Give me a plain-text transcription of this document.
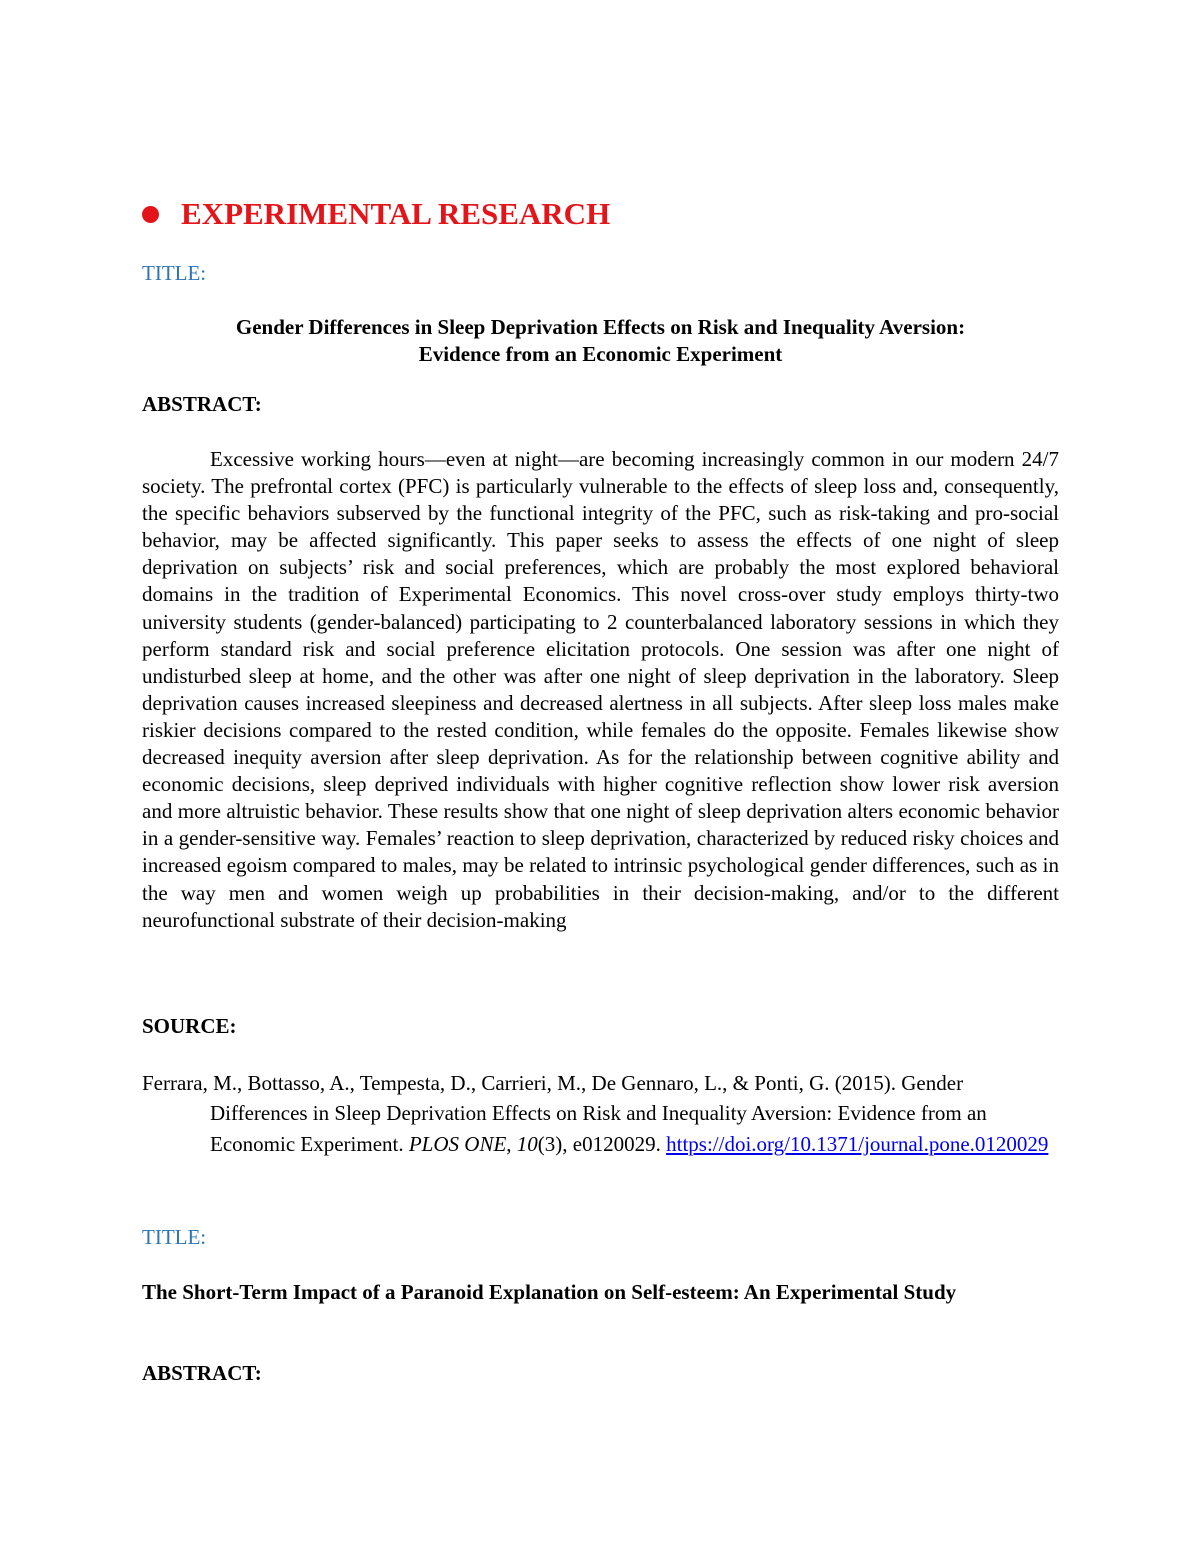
EXPERIMENTAL RESEARCH
TITLE:
Gender Differences in Sleep Deprivation Effects on Risk and Inequality Aversion:
Evidence from an Economic Experiment
ABSTRACT:

Excessive working hours—even at night—are becoming increasingly common in our modern 24/7 society. The prefrontal cortex (PFC) is particularly vulnerable to the effects of sleep loss and, consequently, the specific behaviors subserved by the functional integrity of the PFC, such as risk-taking and pro-social behavior, may be affected significantly. This paper seeks to assess the effects of one night of sleep deprivation on subjects’ risk and social preferences, which are probably the most explored behavioral domains in the tradition of Experimental Economics. This novel cross-over study employs thirty-two university students (gender-balanced) participating to 2 counterbalanced laboratory sessions in which they perform standard risk and social preference elicitation protocols. One session was after one night of undisturbed sleep at home, and the other was after one night of sleep deprivation in the laboratory. Sleep deprivation causes increased sleepiness and decreased alertness in all subjects. After sleep loss males make riskier decisions compared to the rested condition, while females do the opposite. Females likewise show decreased inequity aversion after sleep deprivation. As for the relationship between cognitive ability and economic decisions, sleep deprived individuals with higher cognitive reflection show lower risk aversion and more altruistic behavior. These results show that one night of sleep deprivation alters economic behavior in a gender-sensitive way. Females’ reaction to sleep deprivation, characterized by reduced risky choices and increased egoism compared to males, may be related to intrinsic psychological gender differences, such as in the way men and women weigh up probabilities in their decision-making, and/or to the different neurofunctional substrate of their decision-making

SOURCE:

Ferrara, M., Bottasso, A., Tempesta, D., Carrieri, M., De Gennaro, L., & Ponti, G. (2015). Gender Differences in Sleep Deprivation Effects on Risk and Inequality Aversion: Evidence from an Economic Experiment. PLOS ONE, 10(3), e0120029. https://doi.org/10.1371/journal.pone.0120029

TITLE:
The Short-Term Impact of a Paranoid Explanation on Self-esteem: An Experimental Study
ABSTRACT:
